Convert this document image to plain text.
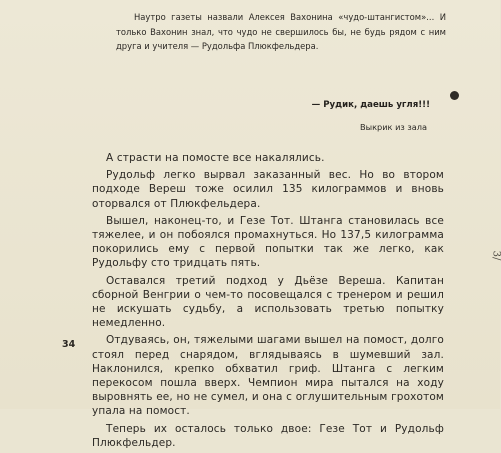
Наутро газеты назвали Алексея Вахонина «чудо-штангистом»... И только Вахонин знал, что чудо не свершилось бы, не будь рядом с ним друга и учителя — Рудольфа Плюкфельдера.

— Рудик, даешь угля!!!
Выкрик из зала

А страсти на помосте все накалялись.

Рудольф легко вырвал заказанный вес. Но во втором подходе Вереш тоже осилил 135 килограммов и вновь оторвался от Плюкфельдера.

Вышел, наконец-то, и Гезе Тот. Штанга становилась все тяжелее, и он побоялся промахнуться. Но 137,5 килограмма покорились ему с первой попытки так же легко, как Рудольфу сто тридцать пять.

Оставался третий подход у Дьёзе Вереша. Капитан сборной Венгрии о чем-то посовещался с тренером и решил не искушать судьбу, а использовать третью попытку немедленно.

Отдуваясь, он, тяжелыми шагами вышел на помост, долго стоял перед снарядом, вглядываясь в шумевший зал. Наклонился, крепко обхватил гриф. Штанга с легким перекосом пошла вверх. Чемпион мира пытался на ходу выровнять ее, но не сумел, и она с оглушительным грохотом упала на помост.

Теперь их осталось только двое: Гезе Тот и Рудольф Плюкфельдер.

34
3/
